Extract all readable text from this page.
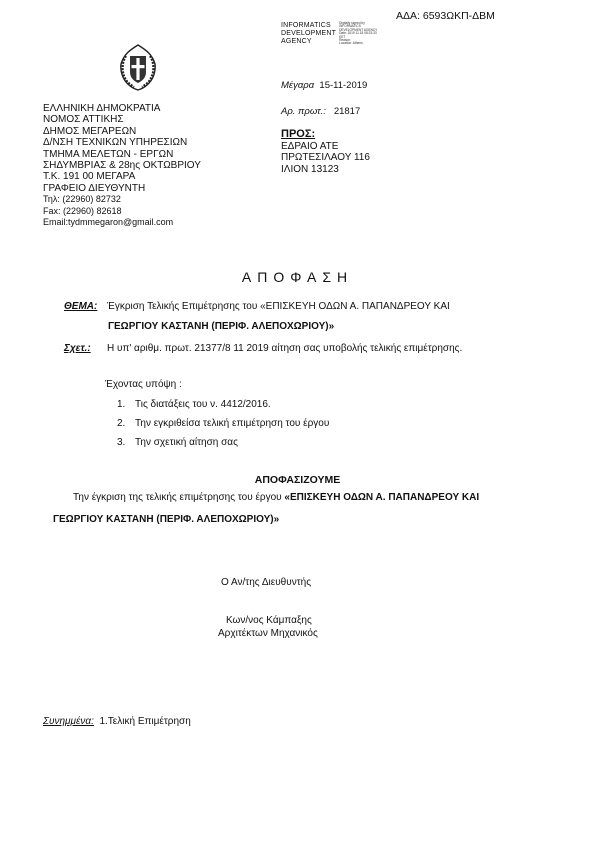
ΑΔΑ: 6593ΩΚΠ-ΔΒΜ
INFORMATICS
DEVELOPMENT
AGENCY
Digitally signed by
INFORMATICS
DEVELOPMENT AGENCY
Date: 2019.11.18 08:23:33
EET
Reason:
Location: Athens

ΕΛΛΗΝΙΚΗ ΔΗΜΟΚΡΑΤΙΑ
ΝΟΜΟΣ ΑΤΤΙΚΗΣ
ΔΗΜΟΣ ΜΕΓΑΡΕΩΝ
Δ/ΝΣΗ ΤΕΧΝΙΚΩΝ ΥΠΗΡΕΣΙΩΝ
ΤΜΗΜΑ ΜΕΛΕΤΩΝ - ΕΡΓΩΝ
ΣΗΔΥΜΒΡΙΑΣ & 28ης ΟΚΤΩΒΡΙΟΥ
Τ.Κ. 191 00 ΜΕΓΑΡΑ
ΓΡΑΦΕΙΟ ΔΙΕΥΘΥΝΤΗ
Τηλ: (22960) 82732
Fax: (22960) 82618
Email:tydmmegaron@gmail.com
Μέγαρα 15-11-2019
Αρ. πρωτ.: 21817
ΠΡΟΣ:
ΕΔΡΑΙΟ ΑΤΕ
ΠΡΩΤΕΣΙΛΑΟΥ 116
ΙΛΙΟΝ 13123
ΑΠΟΦΑΣΗ
ΘΕΜΑ: Έγκριση Τελικής Επιμέτρησης του «ΕΠΙΣΚΕΥΗ ΟΔΩΝ Α. ΠΑΠΑΝΔΡΕΟΥ ΚΑΙ
ΓΕΩΡΓΙΟΥ ΚΑΣΤΑΝΗ (ΠΕΡΙΦ. ΑΛΕΠΟΧΩΡΙΟΥ)»
Σχετ.: Η υπ' αριθμ. πρωτ. 21377/8 11 2019 αίτηση σας υποβολής τελικής επιμέτρησης.
Έχοντας υπόψη :
1. Τις διατάξεις του ν. 4412/2016.
2. Την εγκριθείσα τελική επιμέτρηση του έργου
3. Την σχετική αίτηση σας
ΑΠΟΦΑΣΙΖΟΥΜΕ
Την έγκριση της τελικής επιμέτρησης του έργου «ΕΠΙΣΚΕΥΗ ΟΔΩΝ Α. ΠΑΠΑΝΔΡΕΟΥ ΚΑΙ
ΓΕΩΡΓΙΟΥ ΚΑΣΤΑΝΗ (ΠΕΡΙΦ. ΑΛΕΠΟΧΩΡΙΟΥ)»
Ο Αν/της Διευθυντής
Κων/νος Κάμπαξης
Αρχιτέκτων Μηχανικός
Συνημμένα: 1.Τελική Επιμέτρηση
